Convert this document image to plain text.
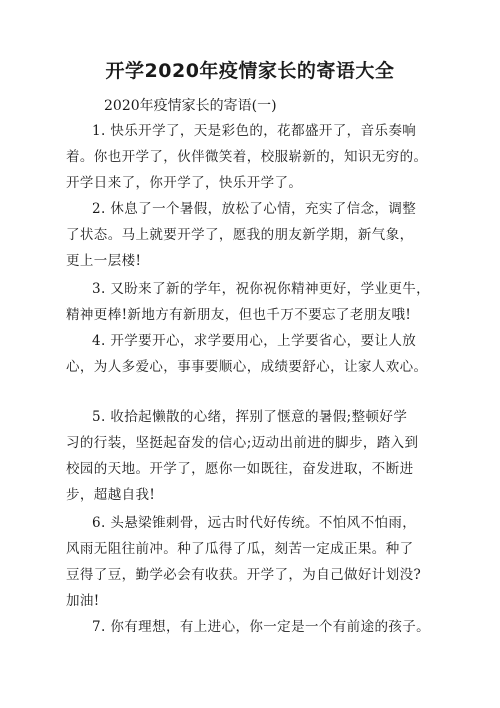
开学2020年疫情家长的寄语大全
2020年疫情家长的寄语(一)
1. 快乐开学了，天是彩色的，花都盛开了，音乐奏响
着。你也开学了，伙伴微笑着，校服崭新的，知识无穷的。
开学日来了，你开学了，快乐开学了。
2. 休息了一个暑假，放松了心情，充实了信念，调整
了状态。马上就要开学了，愿我的朋友新学期，新气象，
更上一层楼!
3. 又盼来了新的学年，祝你祝你精神更好，学业更牛，
精神更棒!新地方有新朋友，但也千万不要忘了老朋友哦!
4. 开学要开心，求学要用心，上学要省心，要让人放
心，为人多爱心，事事要顺心，成绩要舒心，让家人欢心。
5. 收拾起懒散的心绪，挥别了惬意的暑假;整顿好学
习的行装，坚挺起奋发的信心;迈动出前进的脚步，踏入到
校园的天地。开学了，愿你一如既往，奋发进取，不断进
步，超越自我!
6. 头悬梁锥刺骨，远古时代好传统。不怕风不怕雨，
风雨无阻往前冲。种了瓜得了瓜，刻苦一定成正果。种了
豆得了豆，勤学必会有收获。开学了，为自己做好计划没?
加油!
7. 你有理想，有上进心，你一定是一个有前途的孩子。
